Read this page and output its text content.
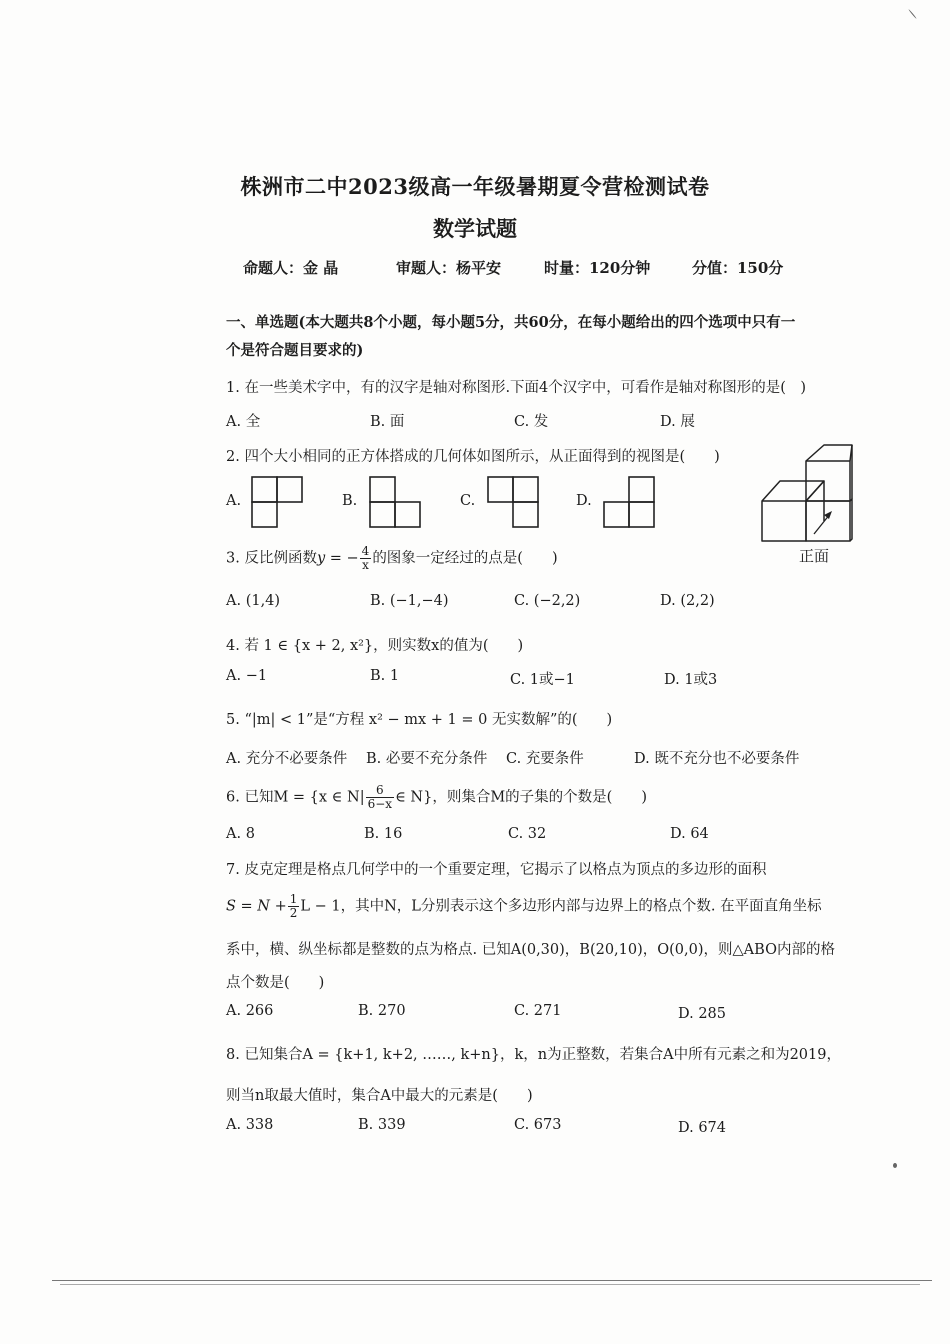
株洲市二中2023级高一年级暑期夏令营检测试卷
数学试题
命题人：金 晶	审题人：杨平安	时量：120分钟	分值：150分
一、单选题(本大题共8个小题，每小题5分，共60分，在每小题给出的四个选项中只有一
个是符合题目要求的)
1. 在一些美术字中，有的汉字是轴对称图形.下面4个汉字中，可看作是轴对称图形的是(　)
A. 全	B. 面	C. 发	D. 展
2. 四个大小相同的正方体搭成的几何体如图所示，从正面得到的视图是(　　)
A.	B.	C.	D.
正面
3. 反比例函数y = − $\frac{4}{x}$ 的图象一定经过的点是(　　)
A. (1,4)	B. (−1,−4)	C. (−2,2)	D. (2,2)
4. 若 1 ∈ {x + 2, x²}，则实数x的值为(　　)
A. −1	B. 1	C. 1或−1	D. 1或3
5. “|m| < 1”是“方程 x² − mx + 1 = 0 无实数解”的(　　)
A. 充分不必要条件 B. 必要不充分条件 C. 充要条件	D. 既不充分也不必要条件
6. 已知M = {x ∈ $N| \frac{6}{6-x}$ ∈ N}，则集合M的子集的个数是(　　)
A. 8	B. 16	C. 32	D. 64
7. 皮克定理是格点几何学中的一个重要定理，它揭示了以格点为顶点的多边形的面积
$S = N + \frac{1}{2}$ L − 1，其中N，L分别表示这个多边形内部与边界上的格点个数. 在平面直角坐标
系中，横、纵坐标都是整数的点为格点. 已知A(0,30)，B(20,10)，O(0,0)，则△ABO内部的格
点个数是(　　)
A. 266	B. 270	C. 271	D. 285
8. 已知集合A = {k+1, k+2, ……, k+n}，k，n为正整数，若集合A中所有元素之和为2019，
则当n取最大值时，集合A中最大的元素是(　　)
A. 338	B. 339	C. 673	D. 674
